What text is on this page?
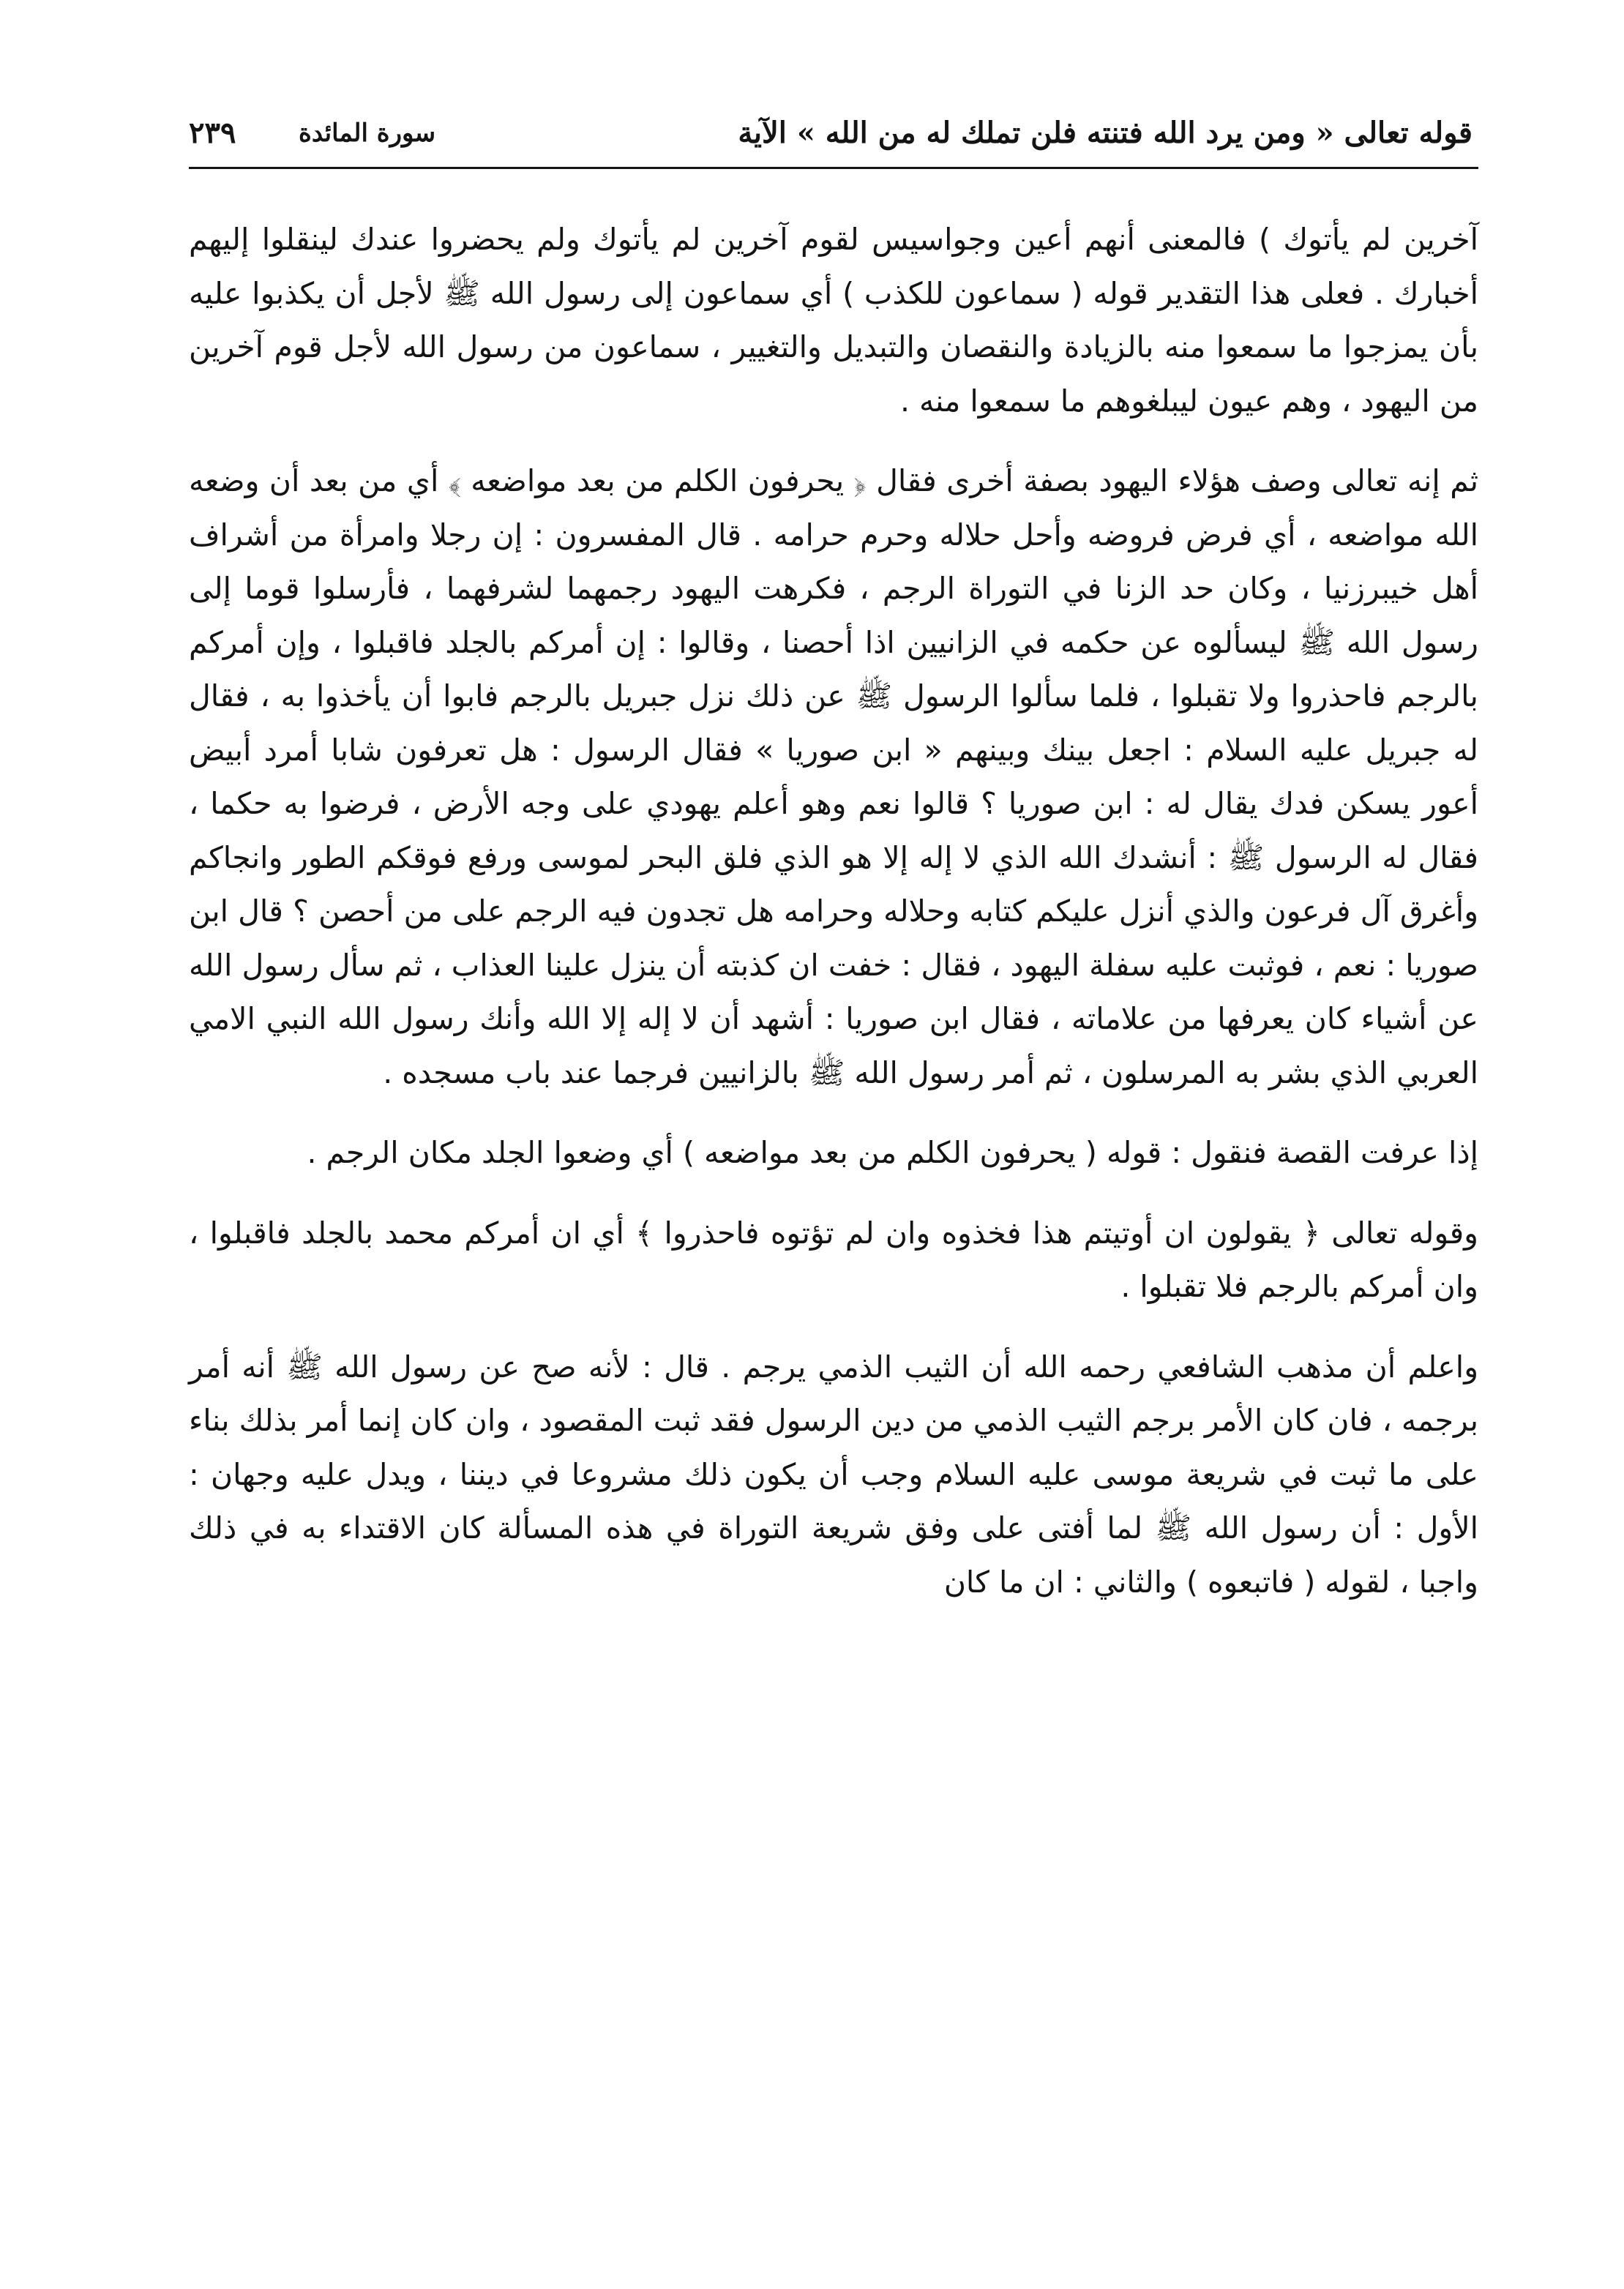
قوله تعالى « ومن يرد الله فتنته فلن تملك له من الله » الآية
سورة المائدة
٢٣٩

آخرين لم يأتوك ) فالمعنى أنهم أعين وجواسيس لقوم آخرين لم يأتوك ولم يحضروا عندك لينقلوا إليهم أخبارك . فعلى هذا التقدير قوله ( سماعون للكذب ) أي سماعون إلى رسول الله ﷺ لأجل أن يكذبوا عليه بأن يمزجوا ما سمعوا منه بالزيادة والنقصان والتبديل والتغيير ، سماعون من رسول الله لأجل قوم آخرين من اليهود ، وهم عيون ليبلغوهم ما سمعوا منه .

ثم إنه تعالى وصف هؤلاء اليهود بصفة أخرى فقال ﴿ يحرفون الكلم من بعد مواضعه ﴾ أي من بعد أن وضعه الله مواضعه ، أي فرض فروضه وأحل حلاله وحرم حرامه . قال المفسرون : إن رجلا وامرأة من أشراف أهل خيبرزنيا ، وكان حد الزنا في التوراة الرجم ، فكرهت اليهود رجمهما لشرفهما ، فأرسلوا قوما إلى رسول الله ﷺ ليسألوه عن حكمه في الزانيين اذا أحصنا ، وقالوا : إن أمركم بالجلد فاقبلوا ، وإن أمركم بالرجم فاحذروا ولا تقبلوا ، فلما سألوا الرسول ﷺ عن ذلك نزل جبريل بالرجم فابوا أن يأخذوا به ، فقال له جبريل عليه السلام : اجعل بينك وبينهم « ابن صوريا » فقال الرسول : هل تعرفون شابا أمرد أبيض أعور يسكن فدك يقال له : ابن صوريا ؟ قالوا نعم وهو أعلم يهودي على وجه الأرض ، فرضوا به حكما ، فقال له الرسول ﷺ : أنشدك الله الذي لا إله إلا هو الذي فلق البحر لموسى ورفع فوقكم الطور وانجاكم وأغرق آل فرعون والذي أنزل عليكم كتابه وحلاله وحرامه هل تجدون فيه الرجم على من أحصن ؟ قال ابن صوريا : نعم ، فوثبت عليه سفلة اليهود ، فقال : خفت ان كذبته أن ينزل علينا العذاب ، ثم سأل رسول الله عن أشياء كان يعرفها من علاماته ، فقال ابن صوريا : أشهد أن لا إله إلا الله وأنك رسول الله النبي الامي العربي الذي بشر به المرسلون ، ثم أمر رسول الله ﷺ بالزانيين فرجما عند باب مسجده .

إذا عرفت القصة فنقول : قوله ( يحرفون الكلم من بعد مواضعه ) أي وضعوا الجلد مكان الرجم .

وقوله تعالى ﴿ يقولون ان أوتيتم هذا فخذوه وان لم تؤتوه فاحذروا ﴾ أي ان أمركم محمد بالجلد فاقبلوا ، وان أمركم بالرجم فلا تقبلوا .

واعلم أن مذهب الشافعي رحمه الله أن الثيب الذمي يرجم . قال : لأنه صح عن رسول الله ﷺ أنه أمر برجمه ، فان كان الأمر برجم الثيب الذمي من دين الرسول فقد ثبت المقصود ، وان كان إنما أمر بذلك بناء على ما ثبت في شريعة موسى عليه السلام وجب أن يكون ذلك مشروعا في ديننا ، ويدل عليه وجهان : الأول : أن رسول الله ﷺ لما أفتى على وفق شريعة التوراة في هذه المسألة كان الاقتداء به في ذلك واجبا ، لقوله ( فاتبعوه ) والثاني : ان ما كان
